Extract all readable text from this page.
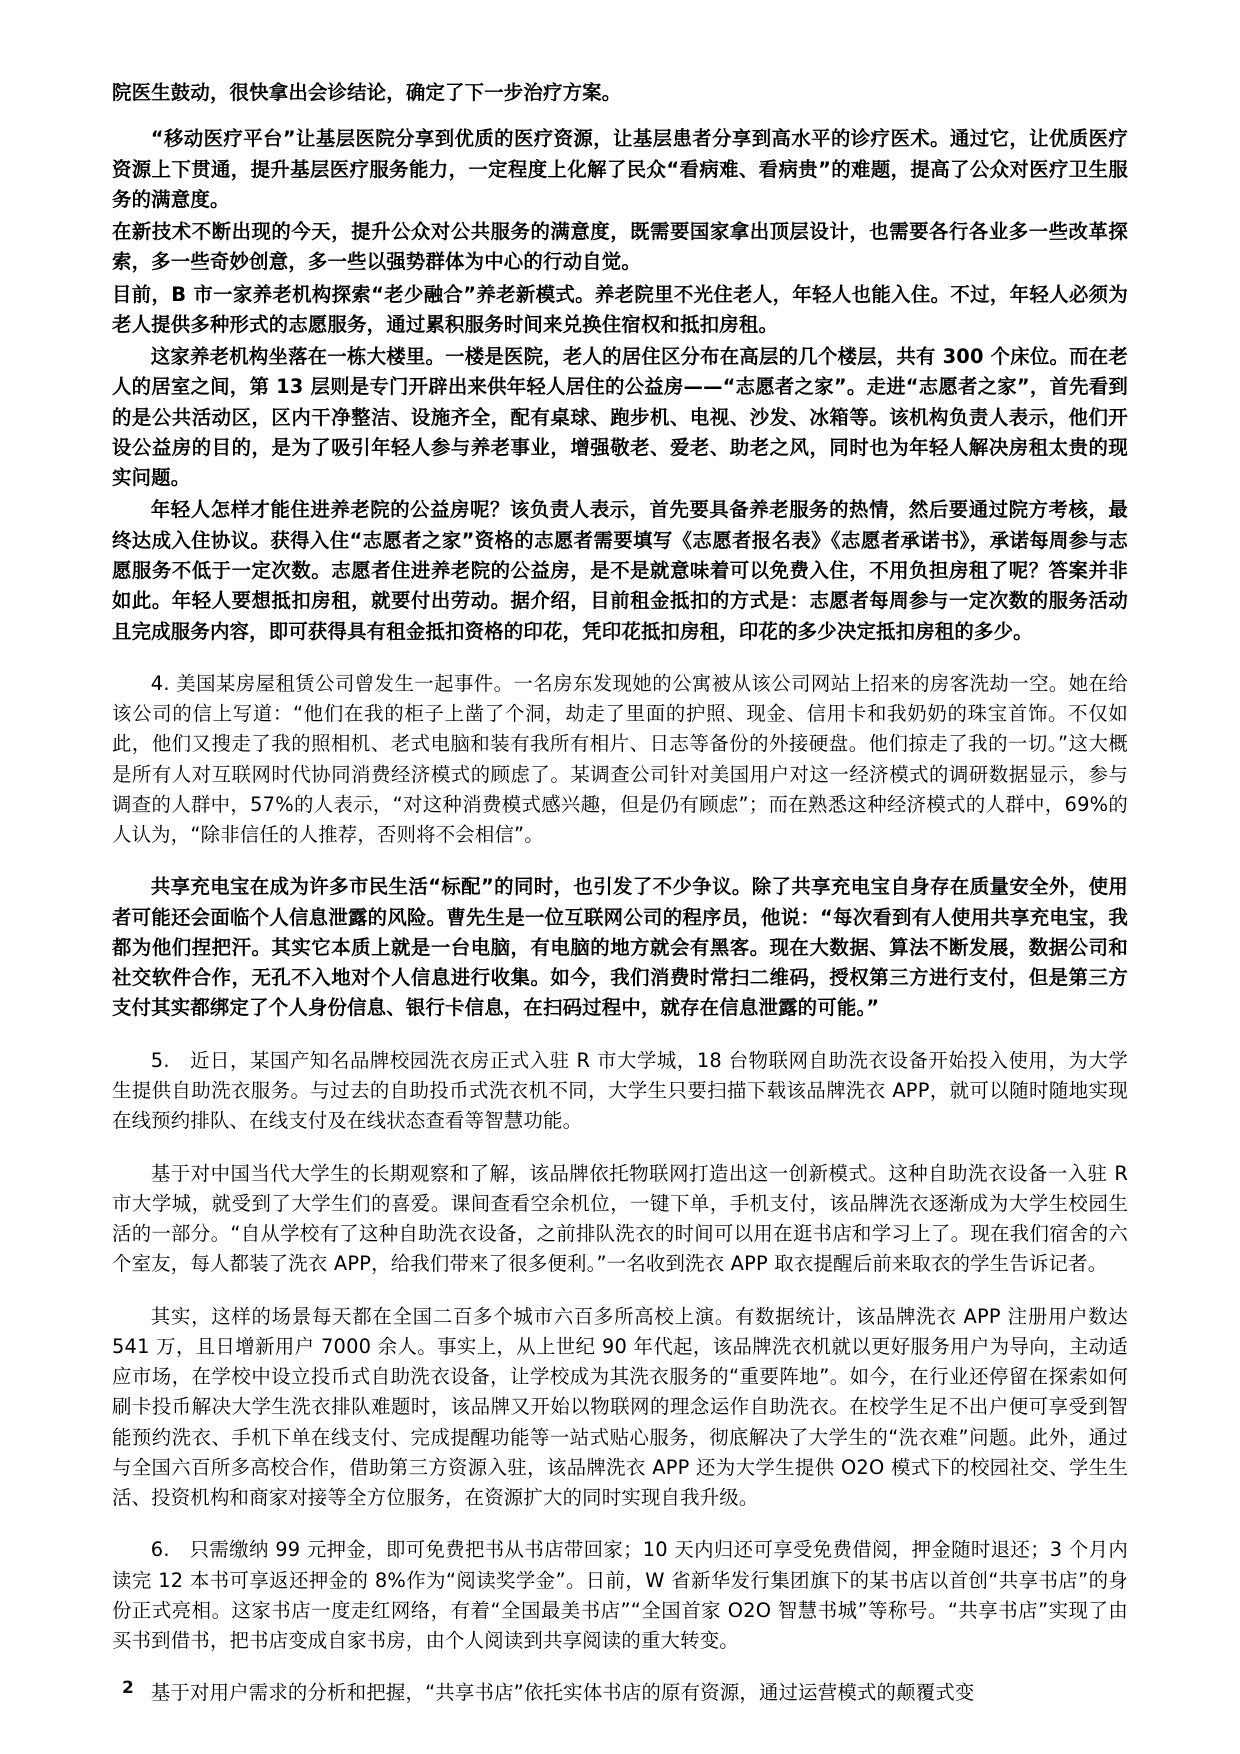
院医生鼓动，很快拿出会诊结论，确定了下一步治疗方案。

“移动医疗平台”让基层医院分享到优质的医疗资源，让基层患者分享到高水平的诊疗医术。通过它，让优质医疗资源上下贯通，提升基层医疗服务能力，一定程度上化解了民众“看病难、看病贵”的难题，提高了公众对医疗卫生服务的满意度。

在新技术不断出现的今天，提升公众对公共服务的满意度，既需要国家拿出顶层设计，也需要各行各业多一些改革探索，多一些奇妙创意，多一些以强势群体为中心的行动自觉。

目前，B 市一家养老机构探索“老少融合”养老新模式。养老院里不光住老人，年轻人也能入住。不过，年轻人必须为老人提供多种形式的志愿服务，通过累积服务时间来兑换住宿权和抵扣房租。

这家养老机构坐落在一栋大楼里。一楼是医院，老人的居住区分布在高层的几个楼层，共有 300 个床位。而在老人的居室之间，第 13 层则是专门开辟出来供年轻人居住的公益房——“志愿者之家”。走进“志愿者之家”，首先看到的是公共活动区，区内干净整洁、设施齐全，配有桌球、跑步机、电视、沙发、冰箱等。该机构负责人表示，他们开设公益房的目的，是为了吸引年轻人参与养老事业，增强敬老、爱老、助老之风，同时也为年轻人解决房租太贵的现实问题。

年轻人怎样才能住进养老院的公益房呢？该负责人表示，首先要具备养老服务的热情，然后要通过院方考核，最终达成入住协议。获得入住“志愿者之家”资格的志愿者需要填写《志愿者报名表》《志愿者承诺书》，承诺每周参与志愿服务不低于一定次数。志愿者住进养老院的公益房，是不是就意味着可以免费入住，不用负担房租了呢？答案并非如此。年轻人要想抵扣房租，就要付出劳动。据介绍，目前租金抵扣的方式是：志愿者每周参与一定次数的服务活动且完成服务内容，即可获得具有租金抵扣资格的印花，凭印花抵扣房租，印花的多少决定抵扣房租的多少。

4. 美国某房屋租赁公司曾发生一起事件。一名房东发现她的公寓被从该公司网站上招来的房客洗劫一空。她在给该公司的信上写道：“他们在我的柜子上凿了个洞，劫走了里面的护照、现金、信用卡和我奶奶的珠宝首饰。不仅如此，他们又搜走了我的照相机、老式电脑和装有我所有相片、日志等备份的外接硬盘。他们掠走了我的一切。”这大概是所有人对互联网时代协同消费经济模式的顾虑了。某调查公司针对美国用户对这一经济模式的调研数据显示，参与调查的人群中，57%的人表示，“对这种消费模式感兴趣，但是仍有顾虑”；而在熟悉这种经济模式的人群中，69%的人认为，“除非信任的人推荐，否则将不会相信”。

共享充电宝在成为许多市民生活“标配”的同时，也引发了不少争议。除了共享充电宝自身存在质量安全外，使用者可能还会面临个人信息泄露的风险。曹先生是一位互联网公司的程序员，他说：“每次看到有人使用共享充电宝，我都为他们捏把汗。其实它本质上就是一台电脑，有电脑的地方就会有黑客。现在大数据、算法不断发展，数据公司和社交软件合作，无孔不入地对个人信息进行收集。如今，我们消费时常扫二维码，授权第三方进行支付，但是第三方支付其实都绑定了个人身份信息、银行卡信息，在扫码过程中，就存在信息泄露的可能。”

5.　近日，某国产知名品牌校园洗衣房正式入驻 R 市大学城，18 台物联网自助洗衣设备开始投入使用，为大学生提供自助洗衣服务。与过去的自助投币式洗衣机不同，大学生只要扫描下载该品牌洗衣 APP，就可以随时随地实现在线预约排队、在线支付及在线状态查看等智慧功能。

基于对中国当代大学生的长期观察和了解，该品牌依托物联网打造出这一创新模式。这种自助洗衣设备一入驻 R 市大学城，就受到了大学生们的喜爱。课间查看空余机位，一键下单，手机支付，该品牌洗衣逐渐成为大学生校园生活的一部分。“自从学校有了这种自助洗衣设备，之前排队洗衣的时间可以用在逛书店和学习上了。现在我们宿舍的六个室友，每人都装了洗衣 APP，给我们带来了很多便利。”一名收到洗衣 APP 取衣提醒后前来取衣的学生告诉记者。

其实，这样的场景每天都在全国二百多个城市六百多所高校上演。有数据统计，该品牌洗衣 APP 注册用户数达 541 万，且日增新用户 7000 余人。事实上，从上世纪 90 年代起，该品牌洗衣机就以更好服务用户为导向，主动适应市场，在学校中设立投币式自助洗衣设备，让学校成为其洗衣服务的“重要阵地”。如今，在行业还停留在探索如何刷卡投币解决大学生洗衣排队难题时，该品牌又开始以物联网的理念运作自助洗衣。在校学生足不出户便可享受到智能预约洗衣、手机下单在线支付、完成提醒功能等一站式贴心服务，彻底解决了大学生的“洗衣难”问题。此外，通过与全国六百所多高校合作，借助第三方资源入驻，该品牌洗衣 APP 还为大学生提供 O2O 模式下的校园社交、学生生活、投资机构和商家对接等全方位服务，在资源扩大的同时实现自我升级。

6.　只需缴纳 99 元押金，即可免费把书从书店带回家；10 天内归还可享受免费借阅，押金随时退还；3 个月内读完 12 本书可享返还押金的 8%作为“阅读奖学金”。日前，W 省新华发行集团旗下的某书店以首创“共享书店”的身份正式亮相。这家书店一度走红网络，有着“全国最美书店”“全国首家 O2O 智慧书城”等称号。“共享书店”实现了由买书到借书，把书店变成自家书房，由个人阅读到共享阅读的重大转变。

基于对用户需求的分析和把握，“共享书店”依托实体书店的原有资源，通过运营模式的颠覆式变

2
